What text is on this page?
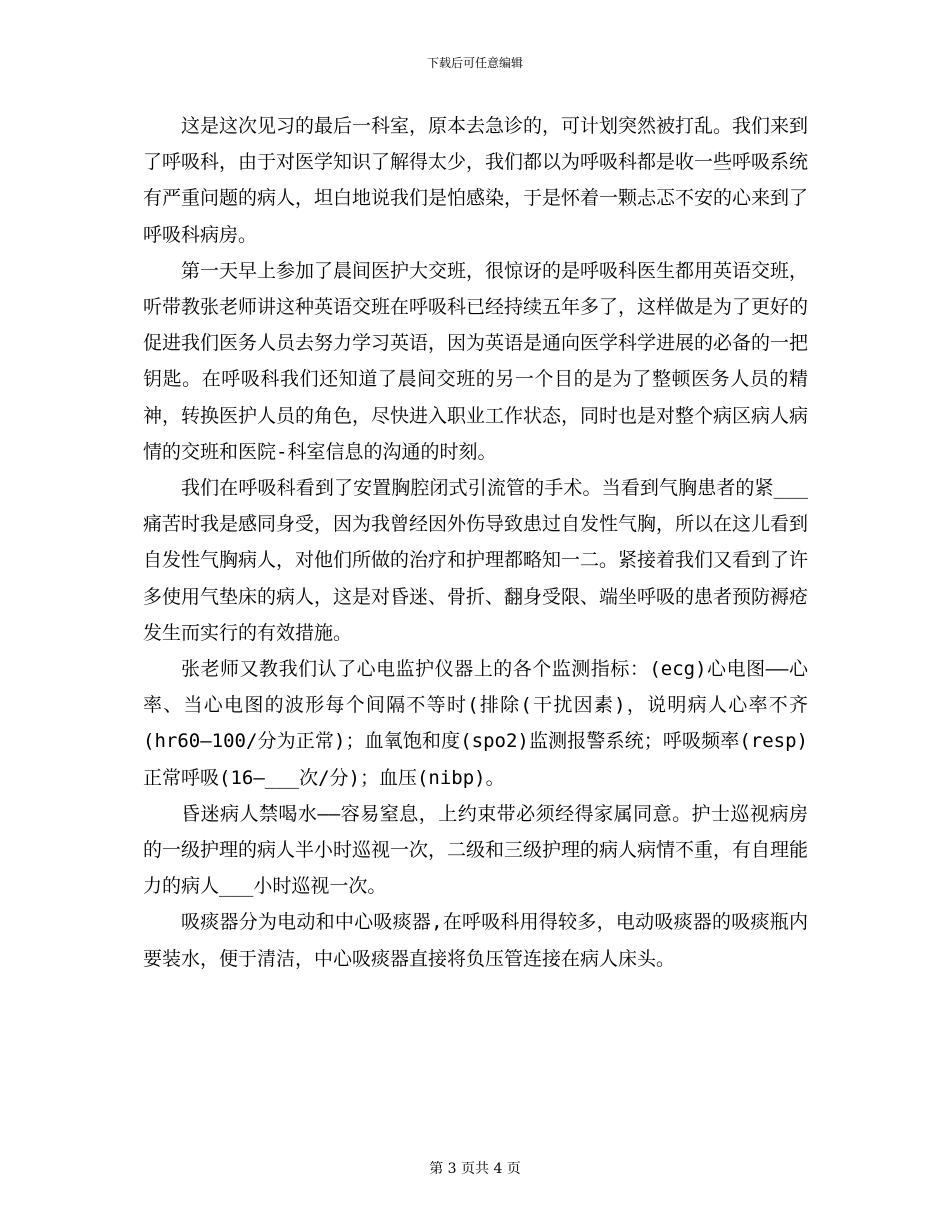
下载后可任意编辑

这是这次见习的最后一科室，原本去急诊的，可计划突然被打乱。我们来到了呼吸科，由于对医学知识了解得太少，我们都以为呼吸科都是收一些呼吸系统有严重问题的病人，坦白地说我们是怕感染，于是怀着一颗忐忑不安的心来到了呼吸科病房。

第一天早上参加了晨间医护大交班，很惊讶的是呼吸科医生都用英语交班，听带教张老师讲这种英语交班在呼吸科已经持续五年多了，这样做是为了更好的促进我们医务人员去努力学习英语，因为英语是通向医学科学进展的必备的一把钥匙。在呼吸科我们还知道了晨间交班的另一个目的是为了整顿医务人员的精神，转换医护人员的角色，尽快进入职业工作状态，同时也是对整个病区病人病情的交班和医院-科室信息的沟通的时刻。

我们在呼吸科看到了安置胸腔闭式引流管的手术。当看到气胸患者的紧___痛苦时我是感同身受，因为我曾经因外伤导致患过自发性气胸，所以在这儿看到自发性气胸病人，对他们所做的治疗和护理都略知一二。紧接着我们又看到了许多使用气垫床的病人，这是对昏迷、骨折、翻身受限、端坐呼吸的患者预防褥疮发生而实行的有效措施。

张老师又教我们认了心电监护仪器上的各个监测指标：(ecg)心电图——心率、当心电图的波形每个间隔不等时(排除(干扰因素)，说明病人心率不齐(hr60—100/分为正常)；血氧饱和度(spo2)监测报警系统；呼吸频率(resp)正常呼吸(16—___次/分)；血压(nibp)。

昏迷病人禁喝水——容易窒息，上约束带必须经得家属同意。护士巡视病房的一级护理的病人半小时巡视一次，二级和三级护理的病人病情不重，有自理能力的病人___小时巡视一次。

吸痰器分为电动和中心吸痰器,在呼吸科用得较多，电动吸痰器的吸痰瓶内要装水，便于清洁，中心吸痰器直接将负压管连接在病人床头。

第 3 页共 4 页
